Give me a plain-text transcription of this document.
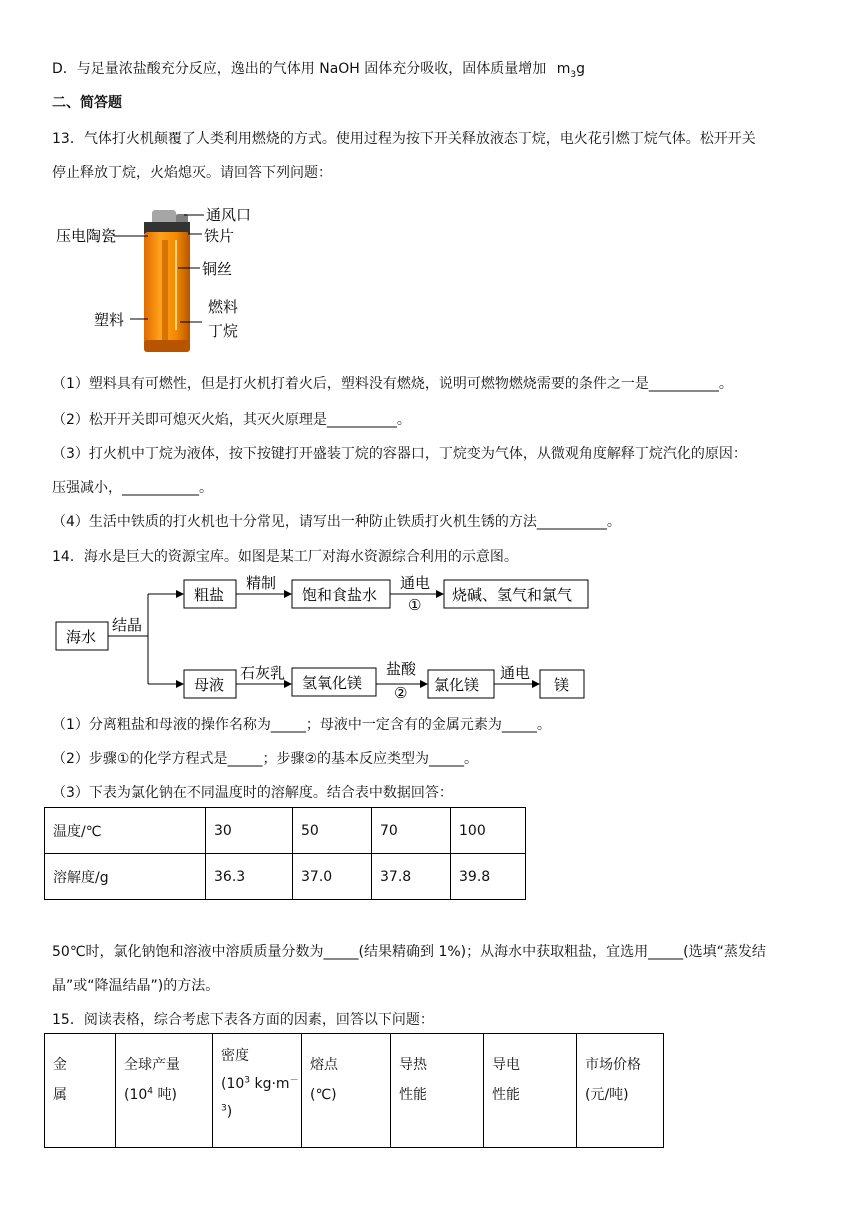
D．与足量浓盐酸充分反应，逸出的气体用 NaOH 固体充分吸收，固体质量增加 $m_3g$
二、简答题
13．气体打火机颠覆了人类利用燃烧的方式。使用过程为按下开关释放液态丁烷，电火花引燃丁烷气体。松开开关
停止释放丁烷，火焰熄灭。请回答下列问题：
通风口
压电陶瓷	铁片
铜丝
塑料
燃料
丁烷
（1）塑料具有可燃性，但是打火机打着火后，塑料没有燃烧，说明可燃物燃烧需要的条件之一是__________。
（2）松开开关即可熄灭火焰，其灭火原理是__________。
（3）打火机中丁烷为液体，按下按键打开盛装丁烷的容器口，丁烷变为气体，从微观角度解释丁烷汽化的原因：
压强减小，___________。
（4）生活中铁质的打火机也十分常见，请写出一种防止铁质打火机生锈的方法__________。
14．海水是巨大的资源宝库。如图是某工厂对海水资源综合利用的示意图。
海水
结晶
粗盐
精制
饱和食盐水
通电
①
烧碱、氢气和氯气
母液
石灰乳
氢氧化镁
盐酸
② 氯化镁
通电
镁
（1）分离粗盐和母液的操作名称为_____；母液中一定含有的金属元素为_____。
（2）步骤①的化学方程式是_____；步骤②的基本反应类型为_____。
（3）下表为氯化钠在不同温度时的溶解度。结合表中数据回答：
温度/℃	30	50	70	100
溶解度/g	36.3	37.0	37.8	39.8
50℃时，氯化钠饱和溶液中溶质质量分数为_____(结果精确到 1%)；从海水中获取粗盐，宜选用_____(选填“蒸发结
晶”或“降温结晶”)的方法。
15．阅读表格，综合考虑下表各方面的因素，回答以下问题：
金
属

全球产量
($10^4$ 吨)

密度
($10^3$ kg·m－
$^3$)

熔点
(℃)

导热
性能

导电
性能

市场价格
(元/吨)
